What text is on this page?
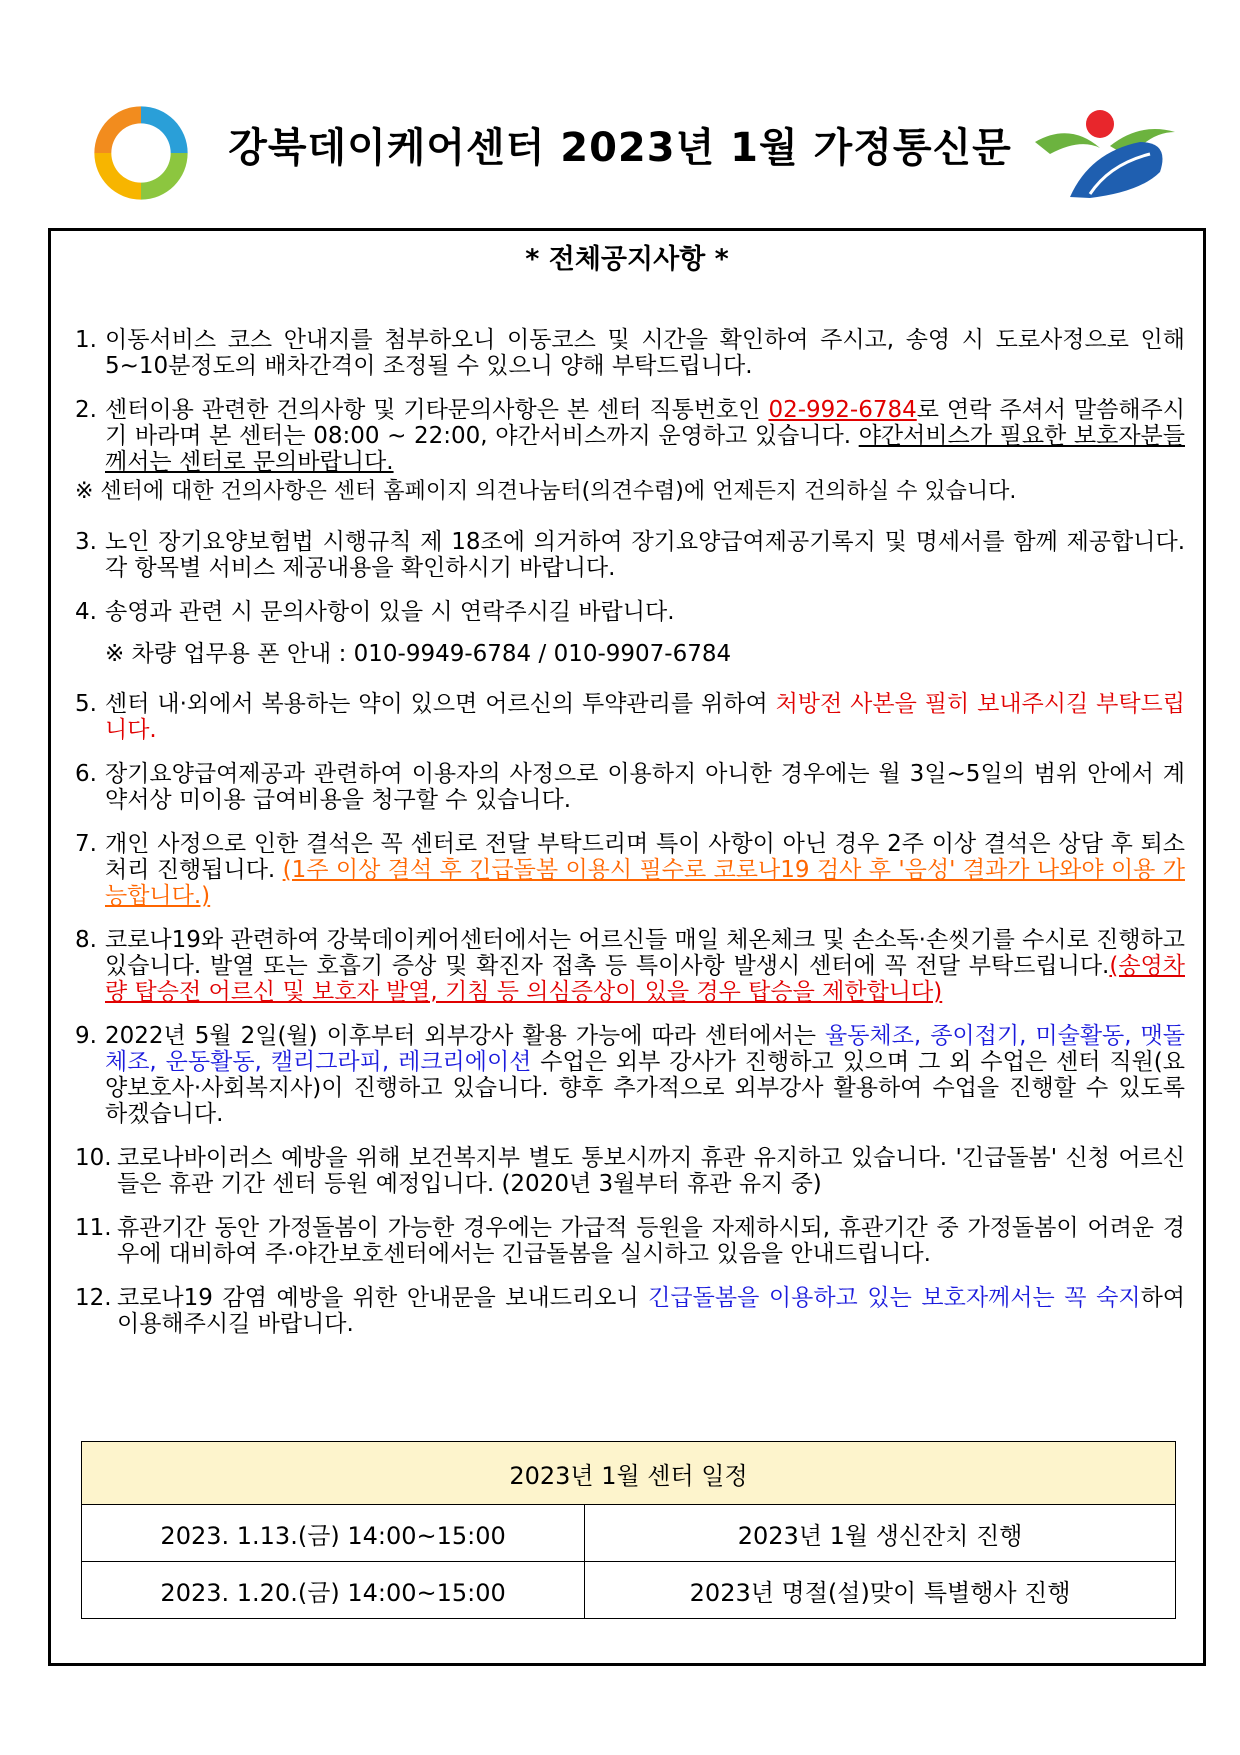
강북데이케어센터 2023년 1월 가정통신문
* 전체공지사항 *
1. 이동서비스 코스 안내지를 첨부하오니 이동코스 및 시간을 확인하여 주시고, 송영 시 도로사정으로 인해 5~10분정도의 배차간격이 조정될 수 있으니 양해 부탁드립니다.
2. 센터이용 관련한 건의사항 및 기타문의사항은 본 센터 직통번호인 02-992-6784로 연락 주셔서 말씀해주시기 바라며 본 센터는 08:00 ~ 22:00, 야간서비스까지 운영하고 있습니다. 야간서비스가 필요한 보호자분들께서는 센터로 문의바랍니다.
※ 센터에 대한 건의사항은 센터 홈페이지 의견나눔터(의견수렴)에 언제든지 건의하실 수 있습니다.
3. 노인 장기요양보험법 시행규칙 제 18조에 의거하여 장기요양급여제공기록지 및 명세서를 함께 제공합니다. 각 항목별 서비스 제공내용을 확인하시기 바랍니다.
4. 송영과 관련 시 문의사항이 있을 시 연락주시길 바랍니다.
※ 차량 업무용 폰 안내 : 010-9949-6784 / 010-9907-6784
5. 센터 내·외에서 복용하는 약이 있으면 어르신의 투약관리를 위하여 처방전 사본을 필히 보내주시길 부탁드립니다.
6. 장기요양급여제공과 관련하여 이용자의 사정으로 이용하지 아니한 경우에는 월 3일~5일의 범위 안에서 계약서상 미이용 급여비용을 청구할 수 있습니다.
7. 개인 사정으로 인한 결석은 꼭 센터로 전달 부탁드리며 특이 사항이 아닌 경우 2주 이상 결석은 상담 후 퇴소처리 진행됩니다. (1주 이상 결석 후 긴급돌봄 이용시 필수로 코로나19 검사 후 '음성' 결과가 나와야 이용 가능합니다.)
8. 코로나19와 관련하여 강북데이케어센터에서는 어르신들 매일 체온체크 및 손소독·손씻기를 수시로 진행하고 있습니다. 발열 또는 호흡기 증상 및 확진자 접촉 등 특이사항 발생시 센터에 꼭 전달 부탁드립니다.(송영차량 탑승전 어르신 및 보호자 발열, 기침 등 의심증상이 있을 경우 탑승을 제한합니다)
9. 2022년 5월 2일(월) 이후부터 외부강사 활용 가능에 따라 센터에서는 율동체조, 종이접기, 미술활동, 맷돌체조, 운동활동, 캘리그라피, 레크리에이션 수업은 외부 강사가 진행하고 있으며 그 외 수업은 센터 직원(요양보호사·사회복지사)이 진행하고 있습니다. 향후 추가적으로 외부강사 활용하여 수업을 진행할 수 있도록 하겠습니다.
10. 코로나바이러스 예방을 위해 보건복지부 별도 통보시까지 휴관 유지하고 있습니다. '긴급돌봄' 신청 어르신들은 휴관 기간 센터 등원 예정입니다. (2020년 3월부터 휴관 유지 중)
11. 휴관기간 동안 가정돌봄이 가능한 경우에는 가급적 등원을 자제하시되, 휴관기간 중 가정돌봄이 어려운 경우에 대비하여 주·야간보호센터에서는 긴급돌봄을 실시하고 있음을 안내드립니다.
12. 코로나19 감염 예방을 위한 안내문을 보내드리오니 긴급돌봄을 이용하고 있는 보호자께서는 꼭 숙지하여 이용해주시길 바랍니다.
2023년 1월 센터 일정	
2023. 1.13.(금) 14:00~15:00	2023년 1월 생신잔치 진행
2023. 1.20.(금) 14:00~15:00	2023년 명절(설)맞이 특별행사 진행
